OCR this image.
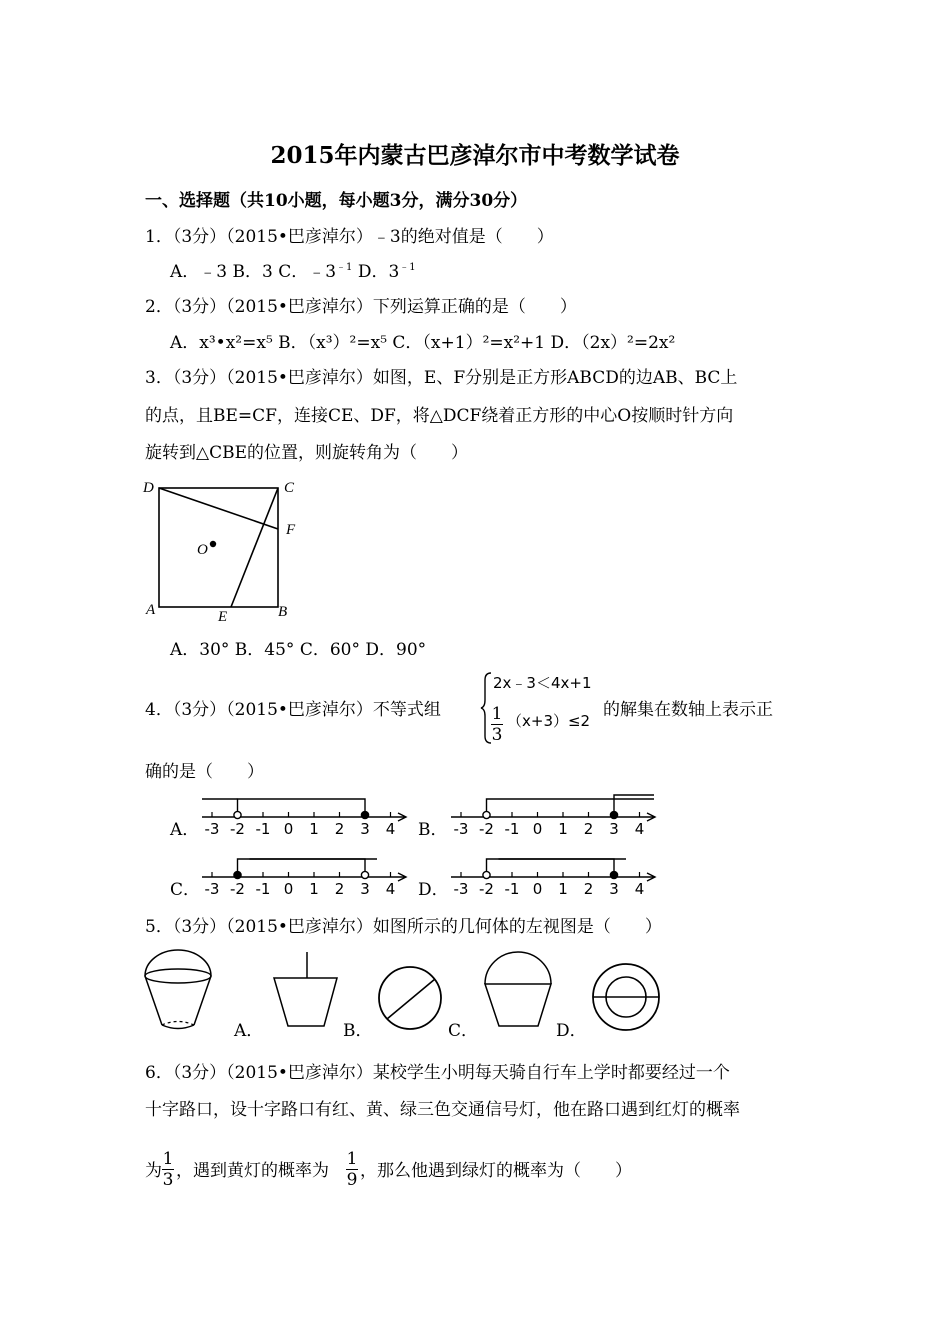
2015年内蒙古巴彦淖尔市中考数学试卷
一、选择题（共10小题，每小题3分，满分30分）
1．（3分）（2015•巴彦淖尔）﹣3的绝对值是（　　）
A．﹣3 B．3 C．$﹣3^{﹣1}$ D．$3^{﹣1}$
2．（3分）（2015•巴彦淖尔）下列运算正确的是（　　）
A．x³•x²=x⁵ B．（x³）²=x⁵ C．（x+1）²=x²+1 D．（2x）²=2x²
3．（3分）（2015•巴彦淖尔）如图，E、F分别是正方形ABCD的边AB、BC上
的点，且BE=CF，连接CE、DF，将△DCF绕着正方形的中心O按顺时针方向
旋转到△CBE的位置，则旋转角为（　　）
D	C
F
O
A	E	B
A．30° B．45° C．60° D．90°
4．（3分）（2015•巴彦淖尔）不等式组
2x﹣3＜4x+1
1
3
（x+3）≤2
的解集在数轴上表示正
确的是（　　）
A．	B．
C．	D．
-3 -2 -1 0 1 2 3 4	-3 -2 -1 0 1 2 3 4
-3 -2 -1 0 1 2 3 4	-3 -2 -1 0 1 2 3 4
5．（3分）（2015•巴彦淖尔）如图所示的几何体的左视图是（　　）
A．	B．	C．	D．
6．（3分）（2015•巴彦淖尔）某校学生小明每天骑自行车上学时都要经过一个
十字路口，设十字路口有红、黄、绿三色交通信号灯，他在路口遇到红灯的概率
为
1
3 ，遇到黄灯的概率为
1
9 ，那么他遇到绿灯的概率为（　　）
